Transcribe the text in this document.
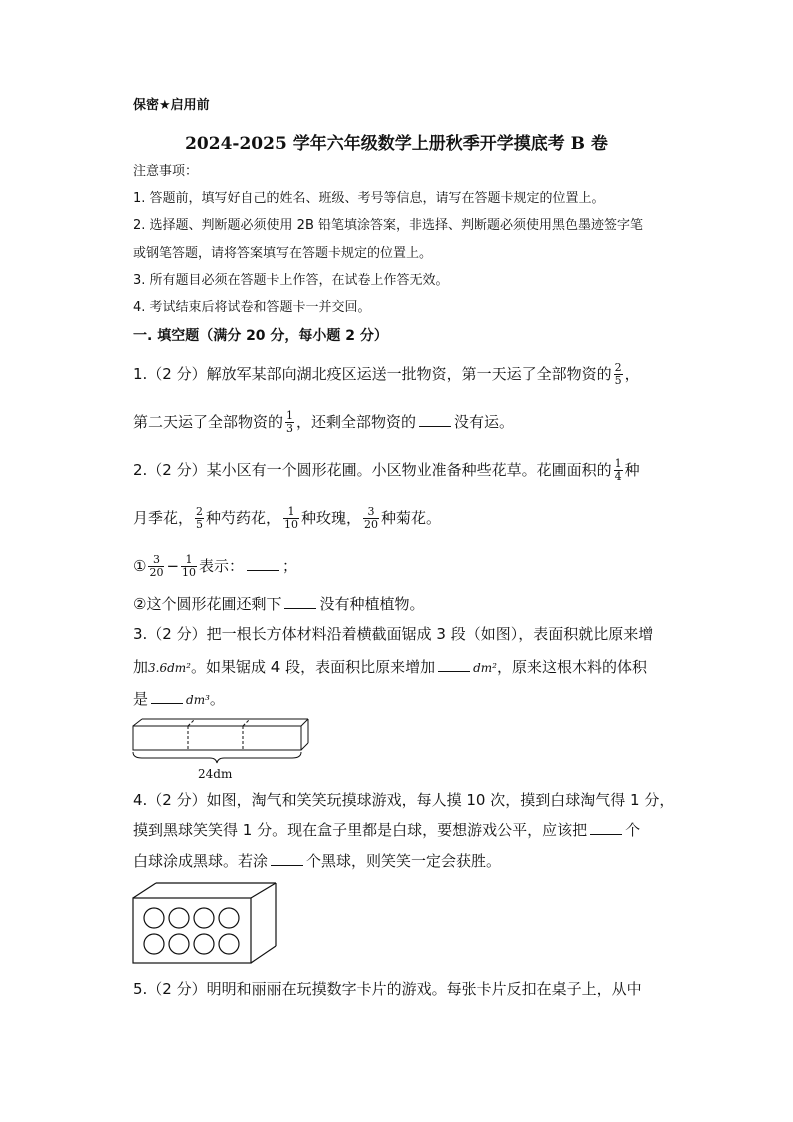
保密★启用前
2024-2025 学年六年级数学上册秋季开学摸底考 B 卷
注意事项：
1. 答题前，填写好自己的姓名、班级、考号等信息，请写在答题卡规定的位置上。
2. 选择题、判断题必须使用 2B 铅笔填涂答案，非选择、判断题必须使用黑色墨迹签字笔
或钢笔答题，请将答案填写在答题卡规定的位置上。
3. 所有题目必须在答题卡上作答，在试卷上作答无效。
4. 考试结束后将试卷和答题卡一并交回。
一. 填空题（满分 20 分，每小题 2 分）
1.（2 分）解放军某部向湖北疫区运送一批物资，第一天运了全部物资的 $\frac{2}{5}$ ，
第二天运了全部物资的 $\frac{1}{3}$ ，还剩全部物资的	没有运。
2.（2 分）某小区有一个圆形花圃。小区物业准备种些花草。花圃面积的 $\frac{1}{4}$ 种
月季花， $\frac{2}{5}$ 种芍药花， $\frac{1}{10}$ 种玫瑰， $\frac{3}{20}$ 种菊花。
① $\frac{3}{20} - \frac{1}{10}$ 表示：	；
②这个圆形花圃还剩下	没有种植植物。
3.（2 分）把一根长方体材料沿着横截面锯成 3 段（如图），表面积就比原来增
加3.6dm²。如果锯成 4 段，表面积比原来增加	dm²，原来这根木料的体积
是	dm³。
24dm
4.（2 分）如图，淘气和笑笑玩摸球游戏，每人摸 10 次，摸到白球淘气得 1 分，
摸到黑球笑笑得 1 分。现在盒子里都是白球，要想游戏公平，应该把	个
白球涂成黑球。若涂	个黑球，则笑笑一定会获胜。
5.（2 分）明明和丽丽在玩摸数字卡片的游戏。每张卡片反扣在桌子上，从中
